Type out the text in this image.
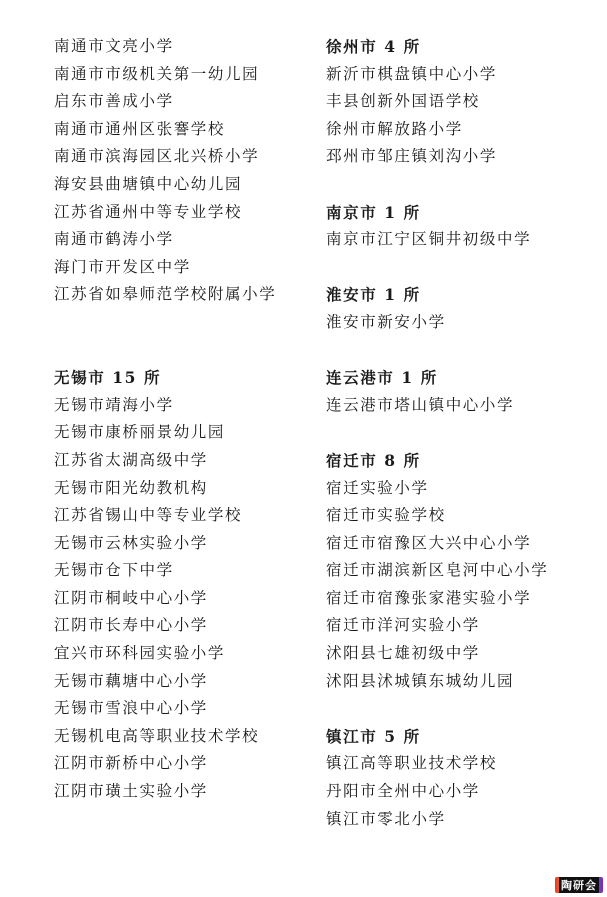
南通市文亮小学
南通市市级机关第一幼儿园
启东市善成小学
南通市通州区张謇学校
南通市滨海园区北兴桥小学
海安县曲塘镇中心幼儿园
江苏省通州中等专业学校
南通市鹤涛小学
海门市开发区中学
江苏省如皋师范学校附属小学
无锡市 15 所
无锡市靖海小学
无锡市康桥丽景幼儿园
江苏省太湖高级中学
无锡市阳光幼教机构
江苏省锡山中等专业学校
无锡市云林实验小学
无锡市仓下中学
江阴市桐岐中心小学
江阴市长寿中心小学
宜兴市环科园实验小学
无锡市藕塘中心小学
无锡市雪浪中心小学
无锡机电高等职业技术学校
江阴市新桥中心小学
江阴市璜土实验小学
徐州市 4 所
新沂市棋盘镇中心小学
丰县创新外国语学校
徐州市解放路小学
邳州市邹庄镇刘沟小学
南京市 1 所
南京市江宁区铜井初级中学
淮安市 1 所
淮安市新安小学
连云港市 1 所
连云港市塔山镇中心小学
宿迁市 8 所
宿迁实验小学
宿迁市实验学校
宿迁市宿豫区大兴中心小学
宿迁市湖滨新区皂河中心小学
宿迁市宿豫张家港实验小学
宿迁市洋河实验小学
沭阳县七雄初级中学
沭阳县沭城镇东城幼儿园
镇江市 5 所
镇江高等职业技术学校
丹阳市全州中心小学
镇江市零北小学
陶研会
